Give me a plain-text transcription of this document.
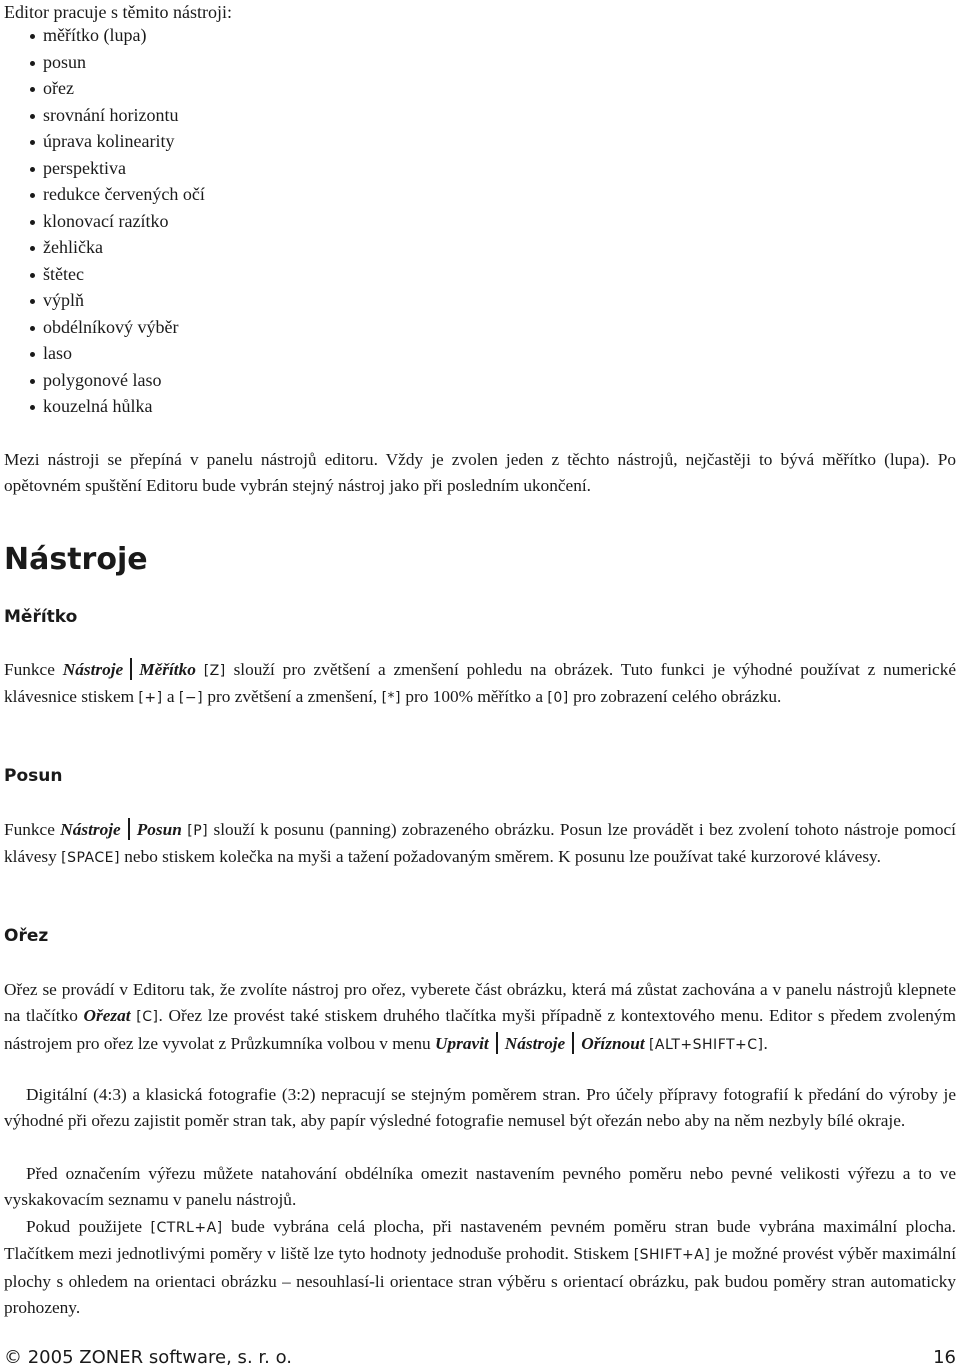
Editor pracuje s těmito nástroji:
měřítko (lupa)
posun
ořez
srovnání horizontu
úprava kolinearity
perspektiva
redukce červených očí
klonovací razítko
žehlička
štětec
výplň
obdélníkový výběr
laso
polygonové laso
kouzelná hůlka

Mezi nástroji se přepíná v panelu nástrojů editoru. Vždy je zvolen jeden z těchto nástrojů, nejčastěji to bývá měřítko (lupa). Po opětovném spuštění Editoru bude vybrán stejný nástroj jako při posledním ukončení.

Nástroje
Měřítko

Funkce Nástroje Měřítko [Z] slouží pro zvětšení a zmenšení pohledu na obrázek. Tuto funkci je výhodné používat z numerické klávesnice stiskem [+] a [−] pro zvětšení a zmenšení, [*] pro 100% měřítko a [0] pro zobrazení celého obrázku.

Posun

Funkce Nástroje Posun [P] slouží k posunu (panning) zobrazeného obrázku. Posun lze provádět i bez zvolení tohoto nástroje pomocí klávesy [SPACE] nebo stiskem kolečka na myši a tažení požadovaným směrem. K posunu lze používat také kurzorové klávesy.

Ořez

Ořez se provádí v Editoru tak, že zvolíte nástroj pro ořez, vyberete část obrázku, která má zůstat zachována a v panelu nástrojů klepnete na tlačítko Ořezat [C]. Ořez lze provést také stiskem druhého tlačítka myši případně z kontextového menu. Editor s předem zvoleným nástrojem pro ořez lze vyvolat z Průzkumníka volbou v menu Upravit Nástroje Oříznout [ALT+SHIFT+C].

Digitální (4:3) a klasická fotografie (3:2) nepracují se stejným poměrem stran. Pro účely přípravy fotografií k předání do výroby je výhodné při ořezu zajistit poměr stran tak, aby papír výsledné fotografie nemusel být ořezán nebo aby na něm nezbyly bílé okraje.

Před označením výřezu můžete natahování obdélníka omezit nastavením pevného poměru nebo pevné velikosti výřezu a to ve vyskakovacím seznamu v panelu nástrojů.

Pokud použijete [CTRL+A] bude vybrána celá plocha, při nastaveném pevném poměru stran bude vybrána maximální plocha. Tlačítkem mezi jednotlivými poměry v liště lze tyto hodnoty jednoduše prohodit. Stiskem [SHIFT+A] je možné provést výběr maximální plochy s ohledem na orientaci obrázku – nesouhlasí-li orientace stran výběru s orientací obrázku, pak budou poměry stran automaticky prohozeny.

© 2005 ZONER software, s. r. o.	16
